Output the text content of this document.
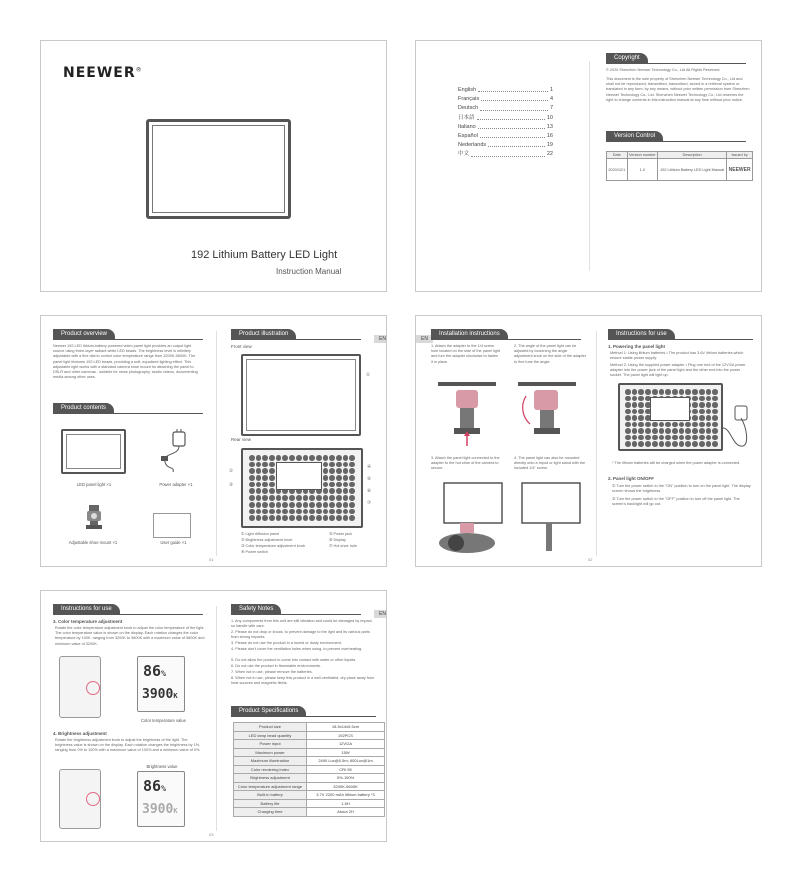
NEEWER®
192 Lithium Battery LED Light
Instruction Manual
English	1
Français	4
Deutsch	7
日本語	10
Italiano	13
Español	16
Nederlands	19
中文	22
Copyright
© 2020 Shenzhen Neewer Technology Co., Ltd All Rights Reserved.
This document is the sole property of Shenzhen Neewer Technology Co., Ltd and shall not be reproduced, transmitted, transcribed, stored in a retrieval system or translated in any form, by any means, without prior written permission from Shenzhen Neewer Technology Co., Ltd. Shenzhen Neewer Technology Co., Ltd reserves the right to change contents in this instruction manual at any time without prior notice.
Version Control
Date	Version number	Description	Issued by
2020/12/1	1.0	192 Lithium Battery LED Light Manual	NEEWER
Product overview
Neewer 192 LED lithium-battery powered video panel light provides an output light source using three-layer radiant white LED beads. The brightness level is infinitely adjustable with a fine dial to control color temperature range from 3200K-5600K. The panel light features 192 LED beads, providing a soft, equalized lighting effect. This adjustable light works with a standard camera shoe mount for attaching the panel to DSLR and other cameras - suitable for news photography, studio videos, documenting media among other uses.
Product contents
LED panel light ×1	Power adapter ×1
Adjustable shoe mount ×1	User guide ×1
Product illustration
EN
Front view
①
Rear view
②
③
④
⑤
⑥
⑦
① Light diffusion panel
② Brightness adjustment knob
③ Color temperature adjustment knob
④ Power switch
⑤ Power jack
⑥ Display
⑦ Hot shoe hole
01
EN
Installation instructions
1. Attach the adapter to the 1/4 screw hole located on the side of the panel light and turn the adapter clockwise to fasten it in place.
2. The angle of the panel light can be adjusted by loosening the angle adjustment knob on the side of the adapter to fine tune the angle.
3. Attach the panel light connected to the adapter to the hot shoe of the camera to secure.
4. The panel light can also be mounted directly onto a tripod or light stand with the included 1/4" screw.
Instructions for use
1. Powering the panel light
Method 1: Using lithium batteries • The product has 3.6V lithium batteries which ensure stable power supply.
Method 2: Using the supplied power adapter • Plug one end of the 12V/2A power adapter into the power jack of the panel light and the other end into the power socket. The panel light will light up.
* The lithium batteries will be charged when the power adapter is connected.
2. Panel light ON/OFF
① Turn the power switch to the "ON" position to turn on the panel light. The display screen shows the brightness.
② Turn the power switch to the "OFF" position to turn off the panel light. The screen's backlight will go out.
02
Instructions for use
3. Color temperature adjustment
Rotate the color temperature adjustment knob to adjust the color temperature of the light. The color temperature value is shown on the display. Each rotation changes the color temperature by 100K, ranging from 3200K to 5600K with a maximum value of 5600K and minimum value of 3200K.
86%
3900K
Color temperature value
4. Brightness adjustment
Rotate the brightness adjustment knob to adjust the brightness of the light. The brightness value is shown on the display. Each rotation changes the brightness by 1%, ranging from 0% to 100% with a maximum value of 100% and a minimum value of 0%.
Brightness value
86%
3900K
Safety Notes
EN
1. Any components from this unit are still vibration and could be damaged by impact, so handle with care.
2. Please do not drop or knock, to prevent damage to the light and its various parts from strong impacts.
3. Please do not use the product in a humid or dusty environment.
4. Please don't cover the ventilation holes when using, to prevent overheating.
5. Do not allow the product to come into contact with water or other liquids.
6. Do not use the product in flammable environments.
7. When not in use, please remove the batteries.
8. When not in use, please keep this product in a well-ventilated, dry place away from heat sources and magnetic fields.
Product Specifications
Product size	18.5x14x5.5cm
LED lamp bead quantity	192PCS
Power input	12V/2A
Maximum power	15W
Maximum illumination	2490 Lux@0.5m; 600Lux@1m
Color rendering index	CRI 95
Brightness adjustment	0%-100%
Color temperature adjustment range	3200K-5600K
Built-in battery	3.7V 2200 mAh lithium battery *3
Battery life	1.5H
Charging time	About 2H
03
